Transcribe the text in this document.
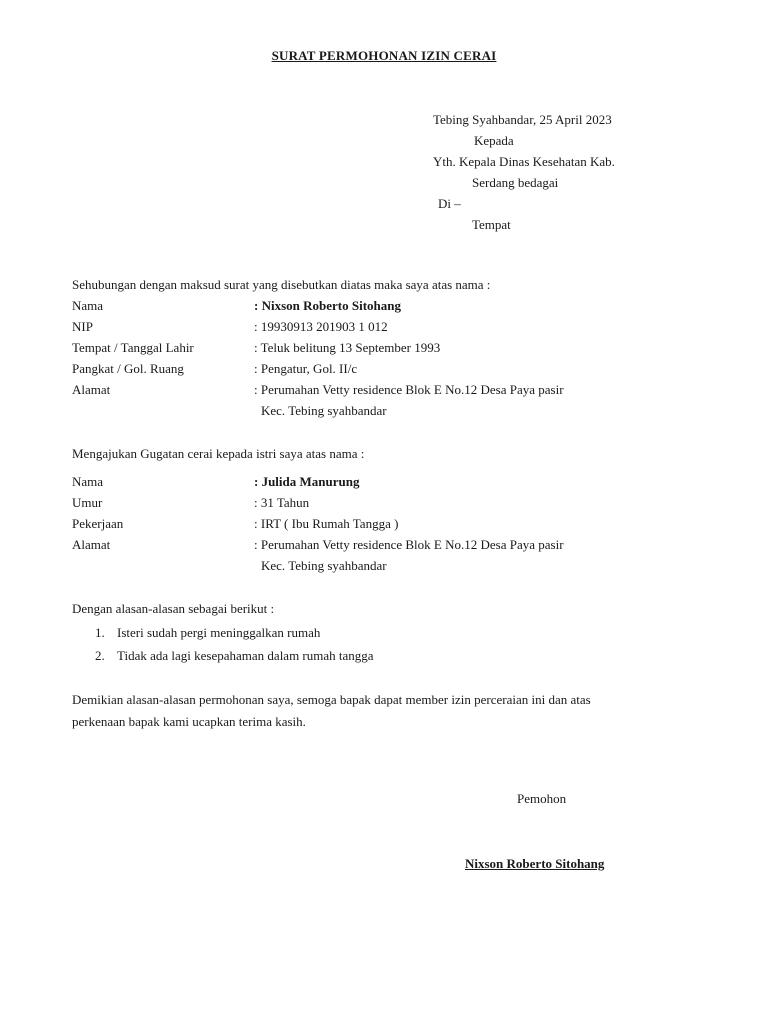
SURAT PERMOHONAN IZIN CERAI
Tebing Syahbandar, 25 April 2023
Kepada
Yth. Kepala Dinas Kesehatan Kab.
Serdang bedagai
Di –
Tempat
Sehubungan dengan maksud surat yang disebutkan diatas maka saya atas nama :
Nama	: Nixson Roberto Sitohang
NIP	: 19930913 201903 1 012
Tempat / Tanggal Lahir	: Teluk belitung 13 September 1993
Pangkat / Gol. Ruang	: Pengatur, Gol. II/c
Alamat	: Perumahan Vetty residence Blok E No.12 Desa Paya pasir
Kec. Tebing syahbandar
Mengajukan Gugatan cerai kepada istri saya atas nama :
Nama	: Julida Manurung
Umur	: 31 Tahun
Pekerjaan	: IRT ( Ibu Rumah Tangga )
Alamat	: Perumahan Vetty residence Blok E No.12 Desa Paya pasir
Kec. Tebing syahbandar
Dengan alasan-alasan sebagai berikut :
1. Isteri sudah pergi meninggalkan rumah
2. Tidak ada lagi kesepahaman dalam rumah tangga
Demikian alasan-alasan permohonan saya, semoga bapak dapat member izin perceraian ini dan atas
perkenaan bapak kami ucapkan terima kasih.
Pemohon
Nixson Roberto Sitohang
